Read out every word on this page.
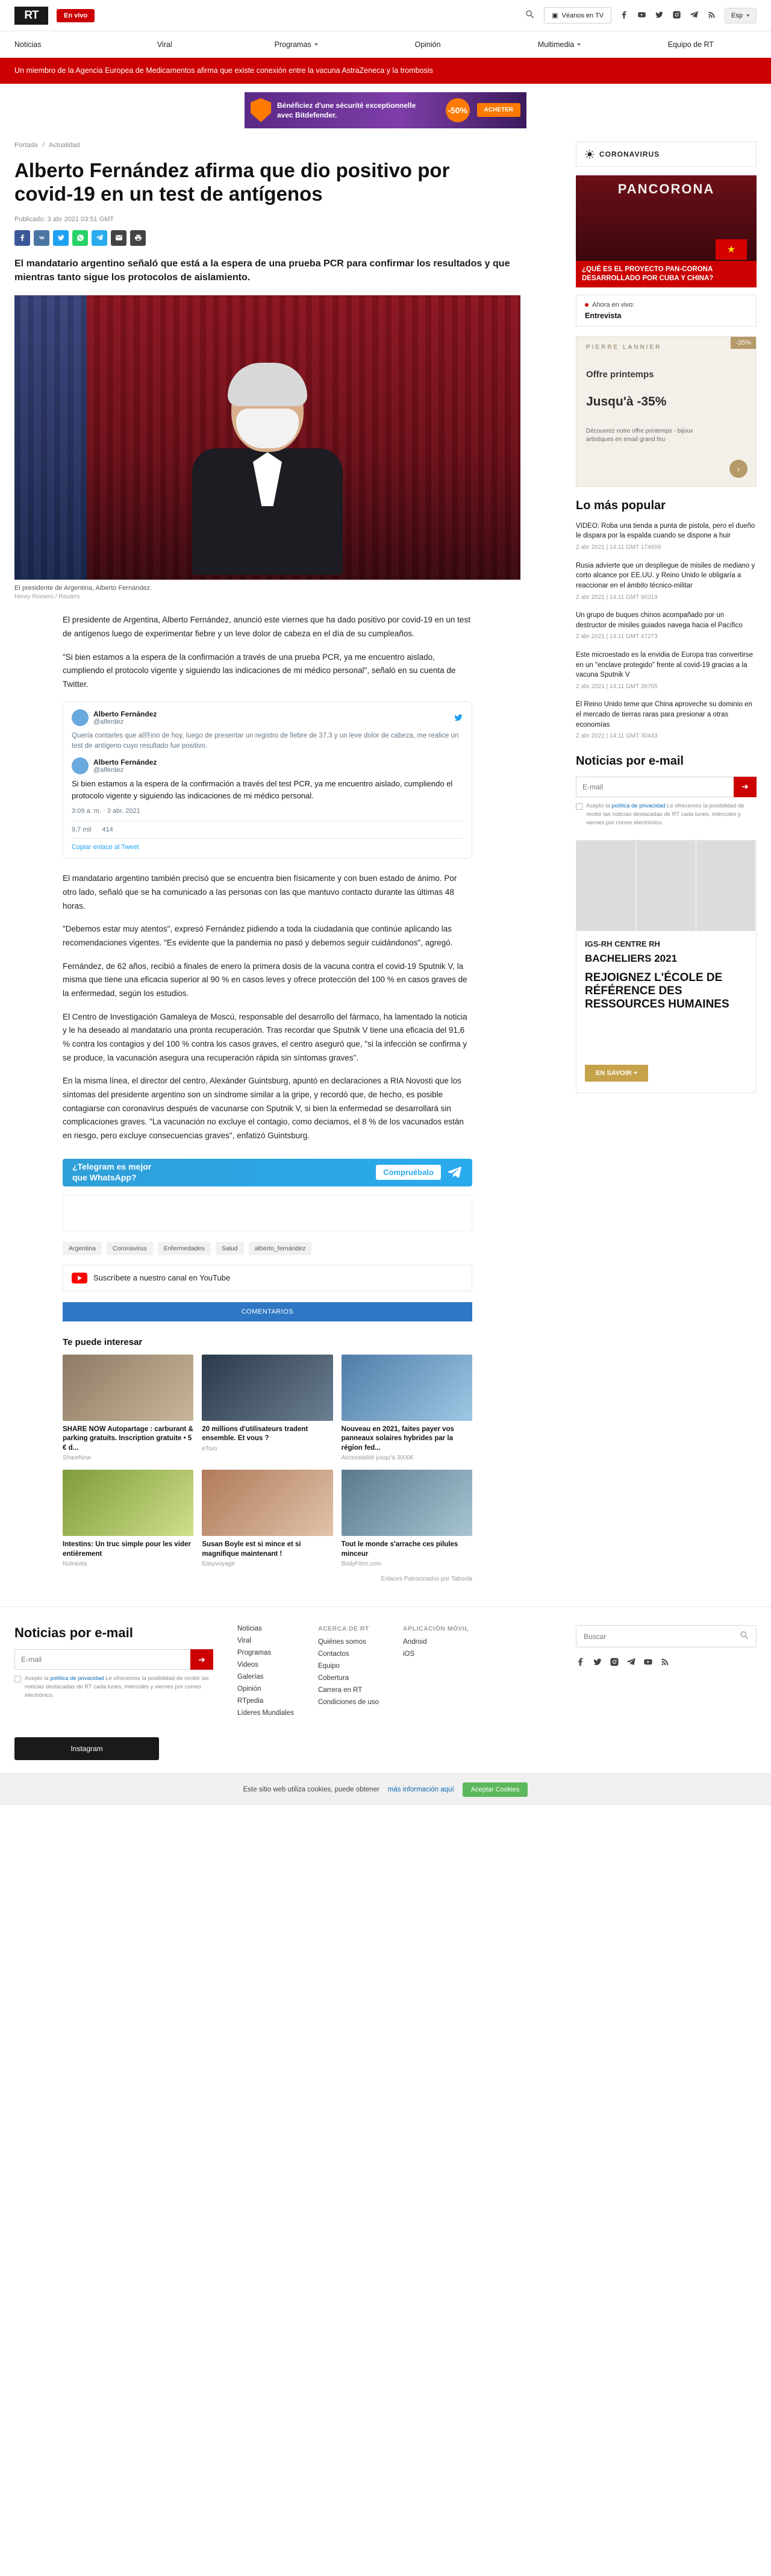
RT	En vivo	▣ Véanos en TV	Esp
Noticias	Viral	Programas	Opinión	Multimedia	Equipo de RT
Un miembro de la Agencia Europea de Medicamentos afirma que existe conexión entre la vacuna AstraZeneca y la trombosis
Bénéficiez d'une sécurité exceptionnelle
avec Bitdefender.	-50%	ACHETER
Portada / Actualidad
Alberto Fernández afirma que dio positivo por covid-19 en un test de antígenos
Publicado: 3 abr 2021 03:51 GMT
El mandatario argentino señaló que está a la espera de una prueba PCR para confirmar los resultados y que mientras tanto sigue los protocolos de aislamiento.
El presidente de Argentina, Alberto Fernández.
Henry Romero / Reuters

El presidente de Argentina, Alberto Fernández, anunció este viernes que ha dado positivo por covid-19 en un test de antígenos luego de experimentar fiebre y un leve dolor de cabeza en el día de su cumpleaños.

"Si bien estamos a la espera de la confirmación a través de una prueba PCR, ya me encuentro aislado, cumpliendo el protocolo vigente y siguiendo las indicaciones de mi médico personal", señaló en su cuenta de Twitter.

Alberto Fernández
@alferdez
Quería contarles que al終ino de hoy, luego de presentar un registro de fiebre de 37.3 y un leve dolor de cabeza, me realice un test de antígeno cuyo resultado fue positivo.
Alberto Fernández
@alferdez
Si bien estamos a la espera de la confirmación a través del test PCR, ya me encuentro aislado, cumpliendo el protocolo vigente y siguiendo las indicaciones de mi médico personal.
3:09 a. m. · 3 abr. 2021
9,7 mil 414
Copiar enlace al Tweet

El mandatario argentino también precisó que se encuentra bien físicamente y con buen estado de ánimo. Por otro lado, señaló que se ha comunicado a las personas con las que mantuvo contacto durante las últimas 48 horas.

"Debemos estar muy atentos", expresó Fernández pidiendo a toda la ciudadanía que continúe aplicando las recomendaciones vigentes. "Es evidente que la pandemia no pasó y debemos seguir cuidándonos", agregó.

Fernández, de 62 años, recibió a finales de enero la primera dosis de la vacuna contra el covid-19 Sputnik V, la misma que tiene una eficacia superior al 90 % en casos leves y ofrece protección del 100 % en casos graves de la enfermedad, según los estudios.

El Centro de Investigación Gamaleya de Moscú, responsable del desarrollo del fármaco, ha lamentado la noticia y le ha deseado al mandatario una pronta recuperación. Tras recordar que Sputnik V tiene una eficacia del 91,6 % contra los contagios y del 100 % contra los casos graves, el centro aseguró que, "si la infección se confirma y se produce, la vacunación asegura una recuperación rápida sin síntomas graves".

En la misma línea, el director del centro, Alexánder Guintsburg, apuntó en declaraciones a RIA Novosti que los síntomas del presidente argentino son un síndrome similar a la gripe, y recordó que, de hecho, es posible contagiarse con coronavirus después de vacunarse con Sputnik V, si bien la enfermedad se desarrollará sin complicaciones graves. "La vacunación no excluye el contagio, como deciamos, el 8 % de los vacunados están en riesgo, pero excluye consecuencias graves", enfatizó Guintsburg.

¿Telegram es mejor
que WhatsApp?	Compruébalo
Argentina	Coronavirus	Enfermedades	Salud	alberto_fernández
Suscríbete a nuestro canal en YouTube
COMENTARIOS
Te puede interesar
SHARE NOW Autopartage : carburant & parking gratuits. Inscription gratuite • 5 € d...
ShareNow
20 millions d'utilisateurs tradent ensemble. Et vous ?
eToro
Nouveau en 2021, faites payer vos panneaux solaires hybrides par la région fed...
Accessibilité jusqu'à 3000€
Intestins: Un truc simple pour les vider entièrement
Nutravita
Susan Boyle est si mince et si magnifique maintenant !
Easyvoyage
Tout le monde s'arrache ces pilules minceur
BodyFitnn.com
Enlaces Patrocinados por Taboola
CORONAVIRUS
PANCORONA
★
¿QUÉ ES EL PROYECTO PAN-CORONA DESARROLLADO POR CUBA Y CHINA?
Ahora en vivo:
Entrevista
PIERRE LANNIER
-35%
Offre printemps
Jusqu'à -35%
Découvrez notre offre printemps - bijoux artistiques en email grand feu
›
Lo más popular
VIDEO: Roba una tienda a punta de pistola, pero el dueño le dispara por la espalda cuando se dispone a huir
2 abr 2021 | 14:11 GMT 174659
Rusia advierte que un despliegue de misiles de mediano y corto alcance por EE.UU. y Reino Unido le obligaría a reaccionar en el ámbito técnico-militar
2 abr 2021 | 14:11 GMT 90319
Un grupo de buques chinos acompañado por un destructor de misiles guiados navega hacia el Pacífico
2 abr 2021 | 14:11 GMT 47273
Este microestado es la envidia de Europa tras convertirse en un "enclave protegido" frente al covid-19 gracias a la vacuna Sputnik V
2 abr 2021 | 14:11 GMT 39765
El Reino Unido teme que China aproveche su dominio en el mercado de tierras raras para presionar a otras economías
2 abr 2021 | 14:11 GMT 30443
Noticias por e-mail
E-mail
➜
Acepto la política de privacidad Le ofrecemos la posibilidad de recibir las noticias destacadas de RT cada lunes, miércoles y viernes por correo electrónico.
IGS-RH CENTRE RH
BACHELIERS 2021
REJOIGNEZ L'ÉCOLE DE RÉFÉRENCE DES RESSOURCES HUMAINES
EN SAVOIR +
Noticias por e-mail
E-mail
➜
Acepto la política de privacidad Le ofrecemos la posibilidad de recibir las noticias destacadas de RT cada lunes, miércoles y viernes por correo electrónico.
Noticias
Viral
Programas
Videos
Galerías
Opinión
RTpedia
Líderes Mundiales
ACERCA DE RT
Quiénes somos
Contactos
Equipo
Cobertura
Carrera en RT
Condiciones de uso
APLICACIÓN MÓVIL
Android
iOS
Buscar
Instagram
Este sitio web utiliza cookies, puede obtener más información aquí	Aceptar Cookies
